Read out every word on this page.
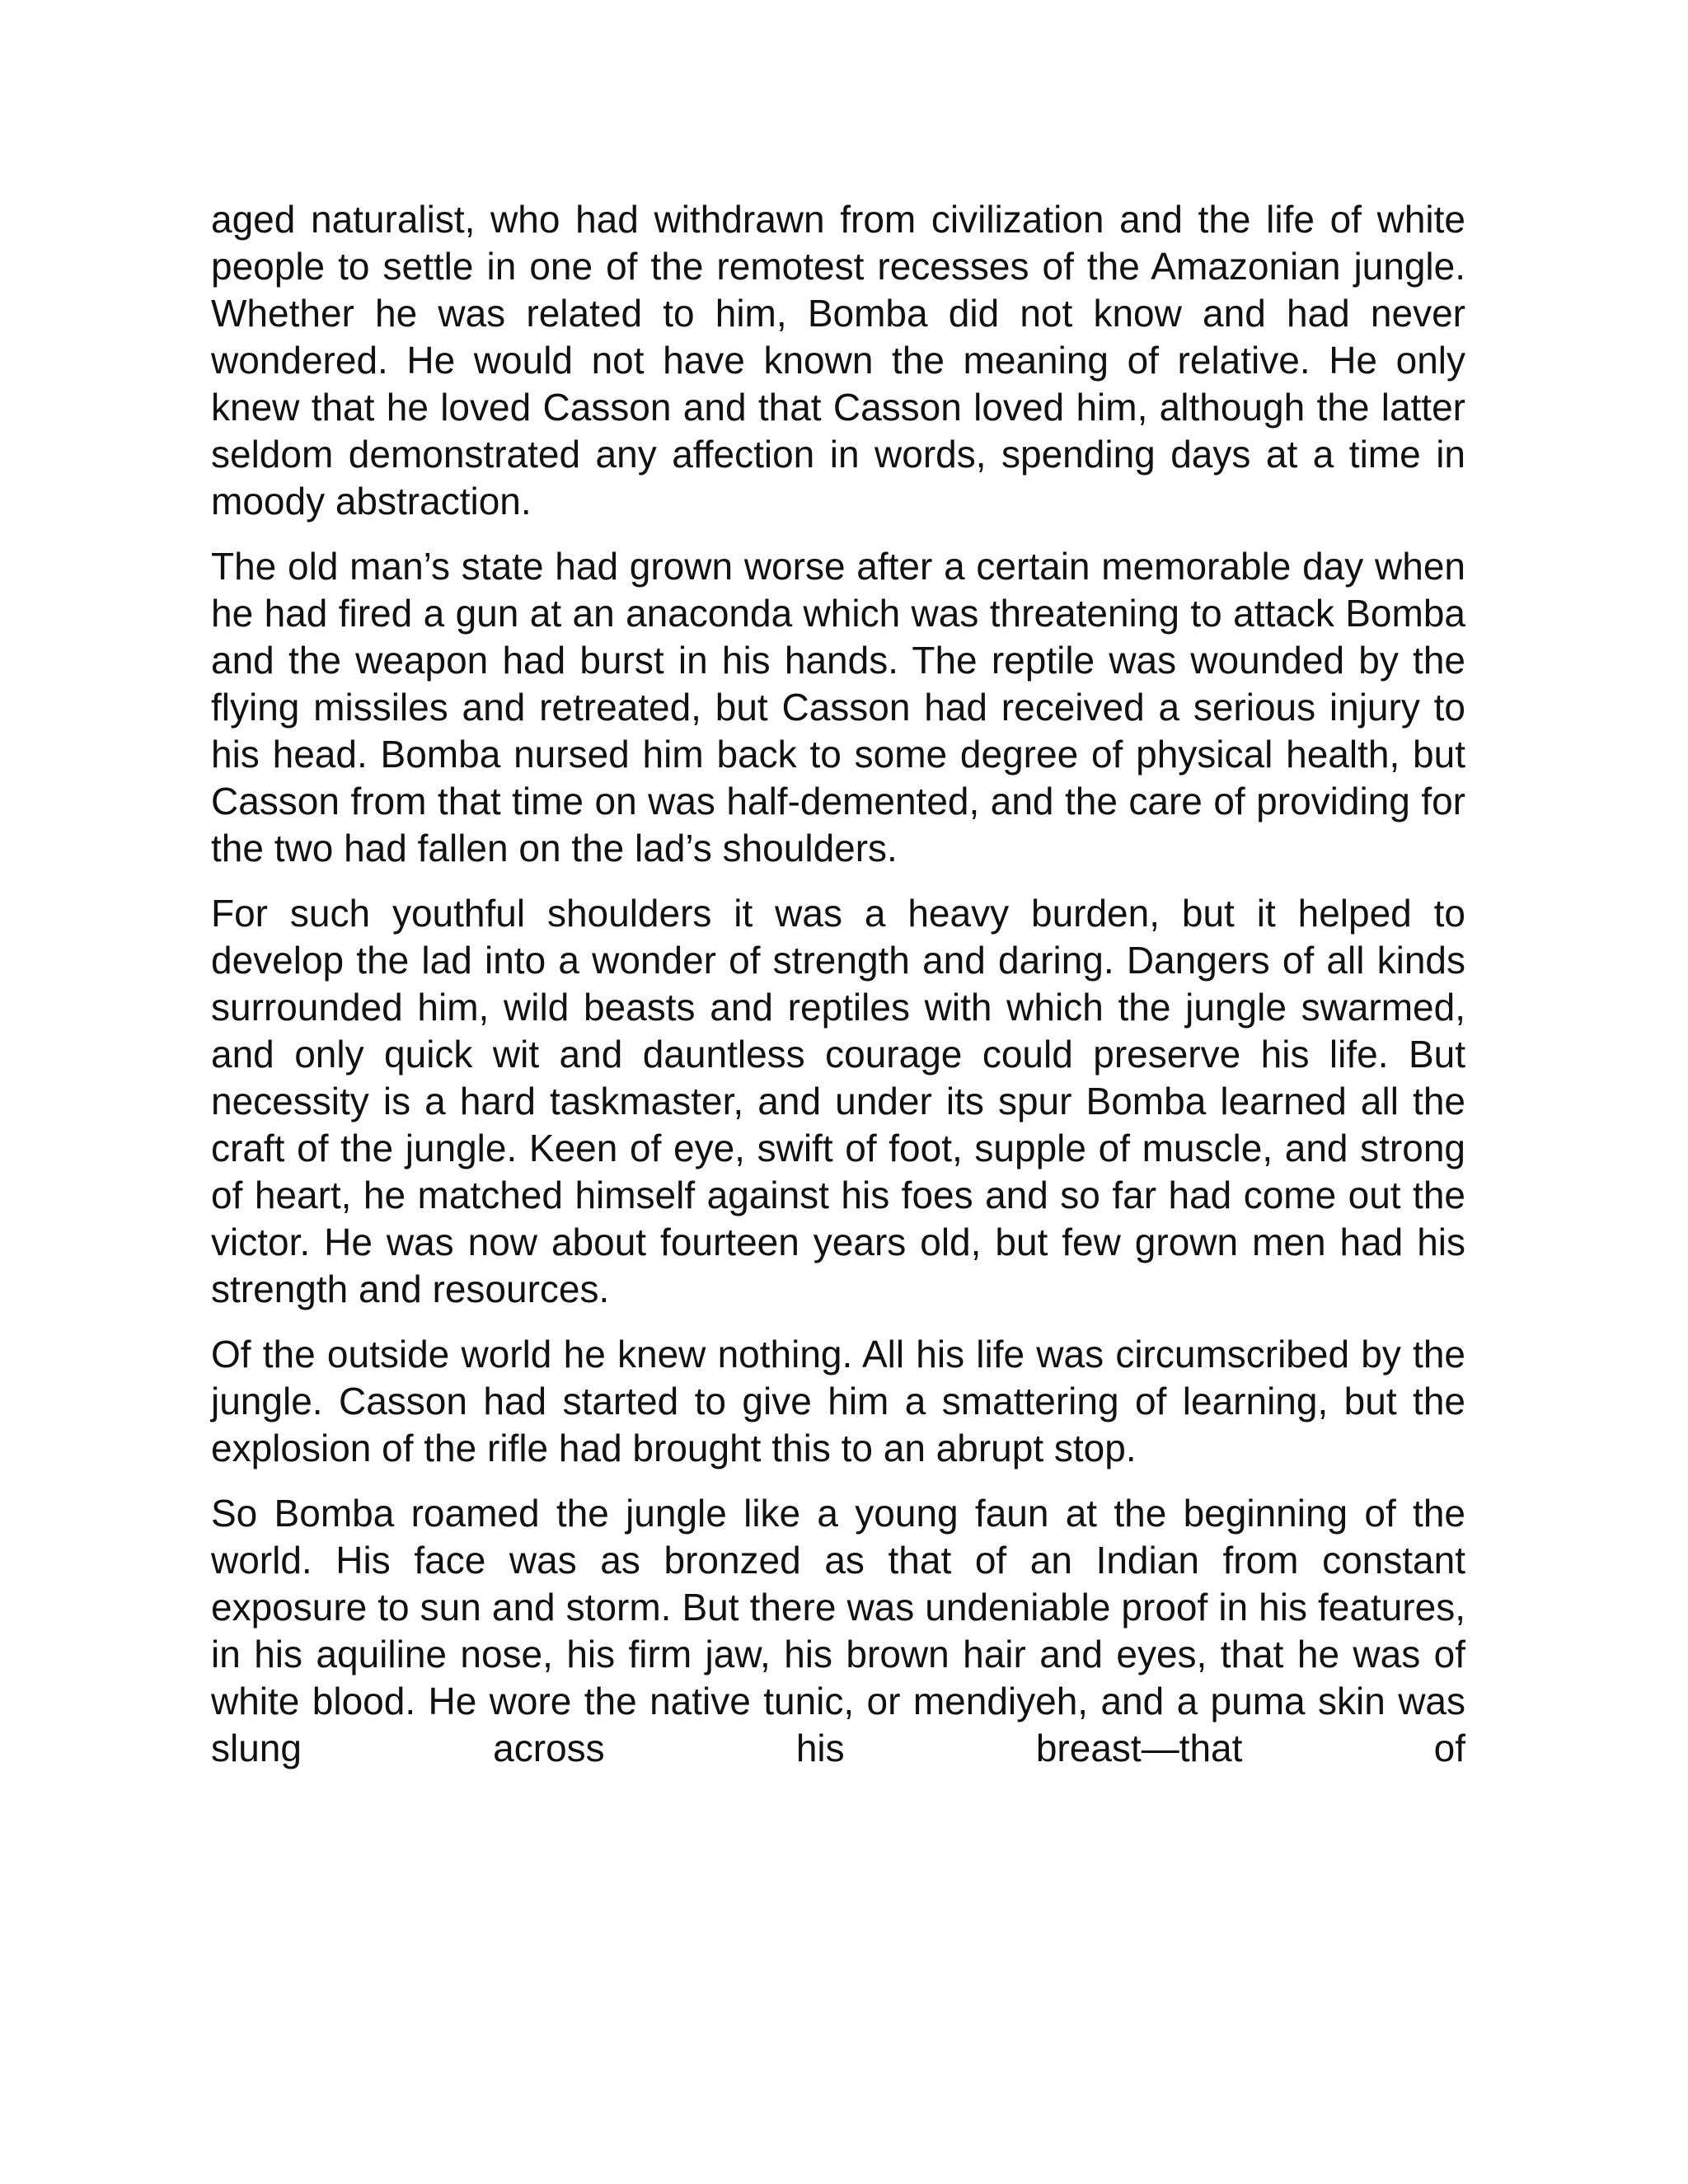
aged naturalist, who had withdrawn from civilization and the life of white people to settle in one of the remotest recesses of the Amazonian jungle. Whether he was related to him, Bomba did not know and had never wondered. He would not have known the meaning of relative. He only knew that he loved Casson and that Casson loved him, although the latter seldom demonstrated any affection in words, spending days at a time in moody abstraction.

The old man’s state had grown worse after a certain memorable day when he had fired a gun at an anaconda which was threatening to attack Bomba and the weapon had burst in his hands. The reptile was wounded by the flying missiles and retreated, but Casson had received a serious injury to his head. Bomba nursed him back to some degree of physical health, but Casson from that time on was half-demented, and the care of providing for the two had fallen on the lad’s shoulders.

For such youthful shoulders it was a heavy burden, but it helped to develop the lad into a wonder of strength and daring. Dangers of all kinds surrounded him, wild beasts and reptiles with which the jungle swarmed, and only quick wit and dauntless courage could preserve his life. But necessity is a hard taskmaster, and under its spur Bomba learned all the craft of the jungle. Keen of eye, swift of foot, supple of muscle, and strong of heart, he matched himself against his foes and so far had come out the victor. He was now about fourteen years old, but few grown men had his strength and resources.

Of the outside world he knew nothing. All his life was circumscribed by the jungle. Casson had started to give him a smattering of learning, but the explosion of the rifle had brought this to an abrupt stop.

So Bomba roamed the jungle like a young faun at the beginning of the world. His face was as bronzed as that of an Indian from constant exposure to sun and storm. But there was undeniable proof in his features, in his aquiline nose, his firm jaw, his brown hair and eyes, that he was of white blood. He wore the native tunic, or mendiyeh, and a puma skin was slung across his breast—that of
